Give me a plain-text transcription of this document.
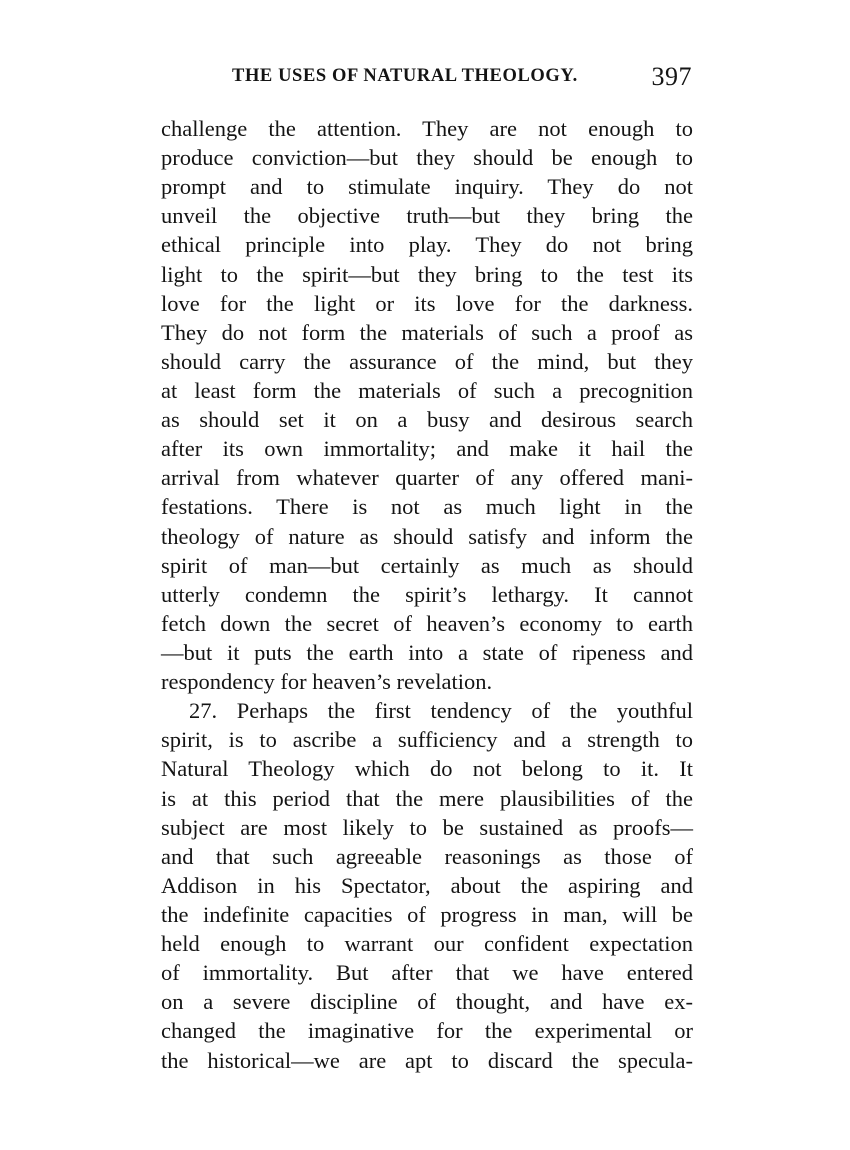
THE USES OF NATURAL THEOLOGY.	397
challenge the attention. They are not enough to
produce conviction—but they should be enough to
prompt and to stimulate inquiry. They do not
unveil the objective truth—but they bring the
ethical principle into play. They do not bring
light to the spirit—but they bring to the test its
love for the light or its love for the darkness.
They do not form the materials of such a proof as
should carry the assurance of the mind, but they
at least form the materials of such a precognition
as should set it on a busy and desirous search
after its own immortality; and make it hail the
arrival from whatever quarter of any offered mani-
festations. There is not as much light in the
theology of nature as should satisfy and inform the
spirit of man—but certainly as much as should
utterly condemn the spirit’s lethargy. It cannot
fetch down the secret of heaven’s economy to earth
—but it puts the earth into a state of ripeness and
respondency for heaven’s revelation.
27. Perhaps the first tendency of the youthful
spirit, is to ascribe a sufficiency and a strength to
Natural Theology which do not belong to it. It
is at this period that the mere plausibilities of the
subject are most likely to be sustained as proofs—
and that such agreeable reasonings as those of
Addison in his Spectator, about the aspiring and
the indefinite capacities of progress in man, will be
held enough to warrant our confident expectation
of immortality. But after that we have entered
on a severe discipline of thought, and have ex-
changed the imaginative for the experimental or
the historical—we are apt to discard the specula-
